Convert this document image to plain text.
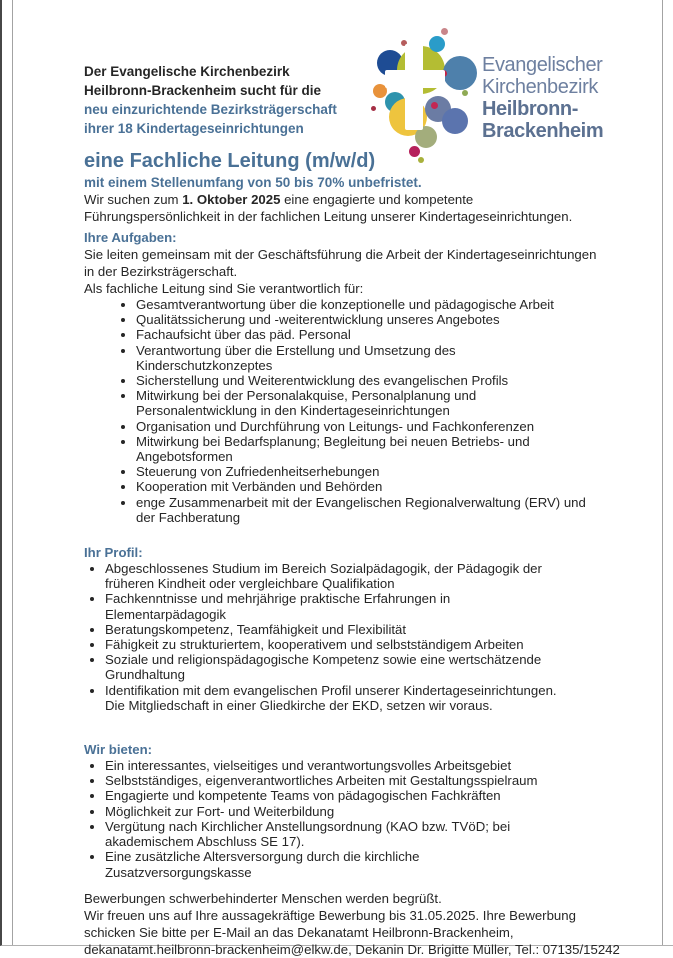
Evangelischer
Kirchenbezirk
Heilbronn-
Brackenheim
Der Evangelische Kirchenbezirk
Heilbronn-Brackenheim sucht für die
neu einzurichtende Bezirksträgerschaft
ihrer 18 Kindertageseinrichtungen
eine Fachliche Leitung (m/w/d)
mit einem Stellenumfang von 50 bis 70% unbefristet.

Wir suchen zum 1. Oktober 2025 eine engagierte und kompetente Führungspersönlichkeit in der fachlichen Leitung unserer Kindertageseinrichtungen.

Ihre Aufgaben:

Sie leiten gemeinsam mit der Geschäftsführung die Arbeit der Kindertageseinrichtungen in der Bezirksträgerschaft.

Als fachliche Leitung sind Sie verantwortlich für:

• Gesamtverantwortung über die konzeptionelle und pädagogische Arbeit
• Qualitätssicherung und -weiterentwicklung unseres Angebotes
• Fachaufsicht über das päd. Personal
• Verantwortung über die Erstellung und Umsetzung des Kinderschutzkonzeptes
• Sicherstellung und Weiterentwicklung des evangelischen Profils
• Mitwirkung bei der Personalakquise, Personalplanung und Personalentwicklung in den Kindertageseinrichtungen
• Organisation und Durchführung von Leitungs- und Fachkonferenzen
• Mitwirkung bei Bedarfsplanung; Begleitung bei neuen Betriebs- und Angebotsformen
• Steuerung von Zufriedenheitserhebungen
• Kooperation mit Verbänden und Behörden
• enge Zusammenarbeit mit der Evangelischen Regionalverwaltung (ERV) und der Fachberatung
Ihr Profil:
• Abgeschlossenes Studium im Bereich Sozialpädagogik, der Pädagogik der früheren Kindheit oder vergleichbare Qualifikation
• Fachkenntnisse und mehrjährige praktische Erfahrungen in Elementarpädagogik
• Beratungskompetenz, Teamfähigkeit und Flexibilität
• Fähigkeit zu strukturiertem, kooperativem und selbstständigem Arbeiten
• Soziale und religionspädagogische Kompetenz sowie eine wertschätzende Grundhaltung
• Identifikation mit dem evangelischen Profil unserer Kindertageseinrichtungen. Die Mitgliedschaft in einer Gliedkirche der EKD, setzen wir voraus.
Wir bieten:
• Ein interessantes, vielseitiges und verantwortungsvolles Arbeitsgebiet
• Selbstständiges, eigenverantwortliches Arbeiten mit Gestaltungsspielraum
• Engagierte und kompetente Teams von pädagogischen Fachkräften
• Möglichkeit zur Fort- und Weiterbildung
• Vergütung nach Kirchlicher Anstellungsordnung (KAO bzw. TVöD; bei akademischem Abschluss SE 17).
• Eine zusätzliche Altersversorgung durch die kirchliche Zusatzversorgungskasse
Bewerbungen schwerbehinderter Menschen werden begrüßt.
Wir freuen uns auf Ihre aussagekräftige Bewerbung bis 31.05.2025. Ihre Bewerbung
schicken Sie bitte per E-Mail an das Dekanatamt Heilbronn-Brackenheim,
dekanatamt.heilbronn-brackenheim@elkw.de, Dekanin Dr. Brigitte Müller, Tel.: 07135/15242
